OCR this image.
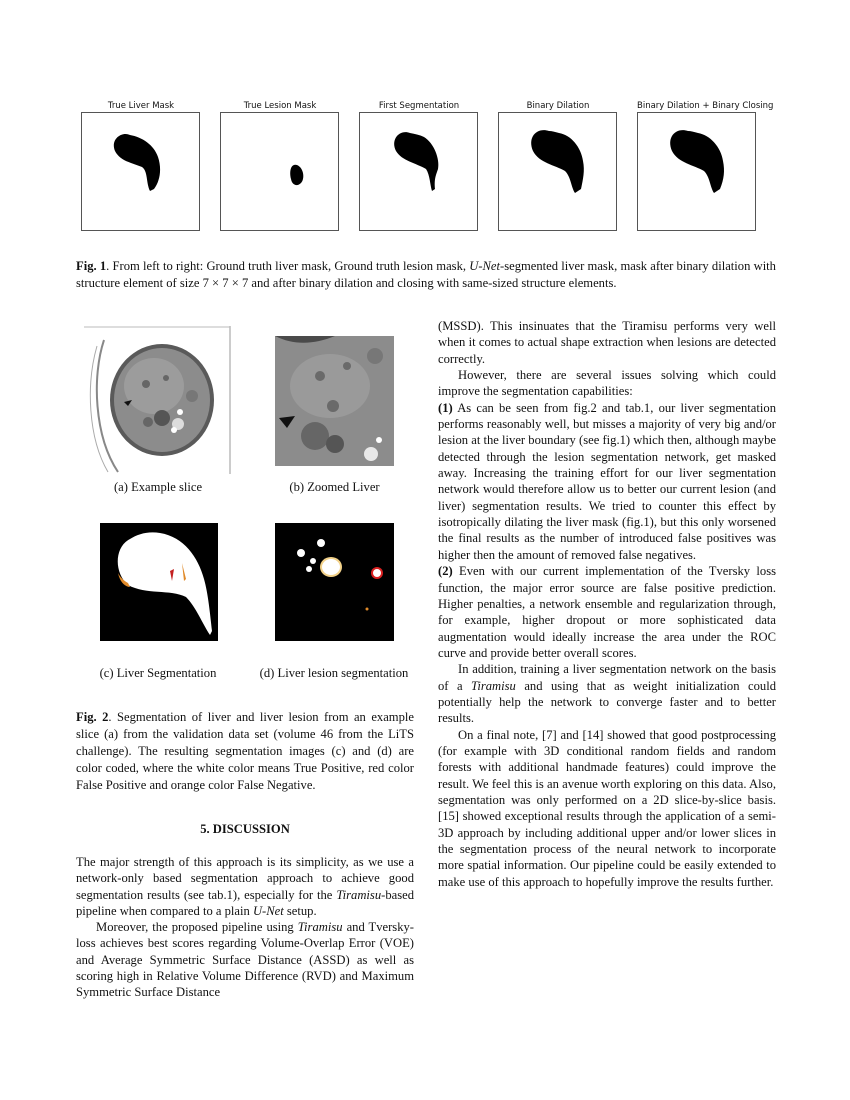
True Liver Mask	True Lesion Mask	First Segmentation	Binary Dilation	Binary Dilation + Binary Closing
Fig. 1. From left to right: Ground truth liver mask, Ground truth lesion mask, U-Net-segmented liver mask, mask after binary dilation with structure element of size 7 × 7 × 7 and after binary dilation and closing with same-sized structure elements.
(a) Example slice	(b) Zoomed Liver
(c) Liver Segmentation	(d) Liver lesion segmentation
Fig. 2. Segmentation of liver and liver lesion from an example slice (a) from the validation data set (volume 46 from the LiTS challenge). The resulting segmentation images (c) and (d) are color coded, where the white color means True Positive, red color False Positive and orange color False Negative.
5. DISCUSSION

The major strength of this approach is its simplicity, as we use a network-only based segmentation approach to achieve good segmentation results (see tab.1), especially for the Tiramisu-based pipeline when compared to a plain U-Net setup.

Moreover, the proposed pipeline using Tiramisu and Tversky-loss achieves best scores regarding Volume-Overlap Error (VOE) and Average Symmetric Surface Distance (ASSD) as well as scoring high in Relative Volume Difference (RVD) and Maximum Symmetric Surface Distance

(MSSD). This insinuates that the Tiramisu performs very well when it comes to actual shape extraction when lesions are detected correctly.

However, there are several issues solving which could improve the segmentation capabilities:

(1) As can be seen from fig.2 and tab.1, our liver segmentation performs reasonably well, but misses a majority of very big and/or lesion at the liver boundary (see fig.1) which then, although maybe detected through the lesion segmentation network, get masked away. Increasing the training effort for our liver segmentation network would therefore allow us to better our current lesion (and liver) segmentation results. We tried to counter this effect by isotropically dilating the liver mask (fig.1), but this only worsened the final results as the number of introduced false positives was higher then the amount of removed false negatives.

(2) Even with our current implementation of the Tversky loss function, the major error source are false positive prediction. Higher penalties, a network ensemble and regularization through, for example, higher dropout or more sophisticated data augmentation would ideally increase the area under the ROC curve and provide better overall scores.

In addition, training a liver segmentation network on the basis of a Tiramisu and using that as weight initialization could potentially help the network to converge faster and to better results.

On a final note, [7] and [14] showed that good postprocessing (for example with 3D conditional random fields and random forests with additional handmade features) could improve the result. We feel this is an avenue worth exploring on this data. Also, segmentation was only performed on a 2D slice-by-slice basis. [15] showed exceptional results through the application of a semi-3D approach by including additional upper and/or lower slices in the segmentation process of the neural network to incorporate more spatial information. Our pipeline could be easily extended to make use of this approach to hopefully improve the results further.
